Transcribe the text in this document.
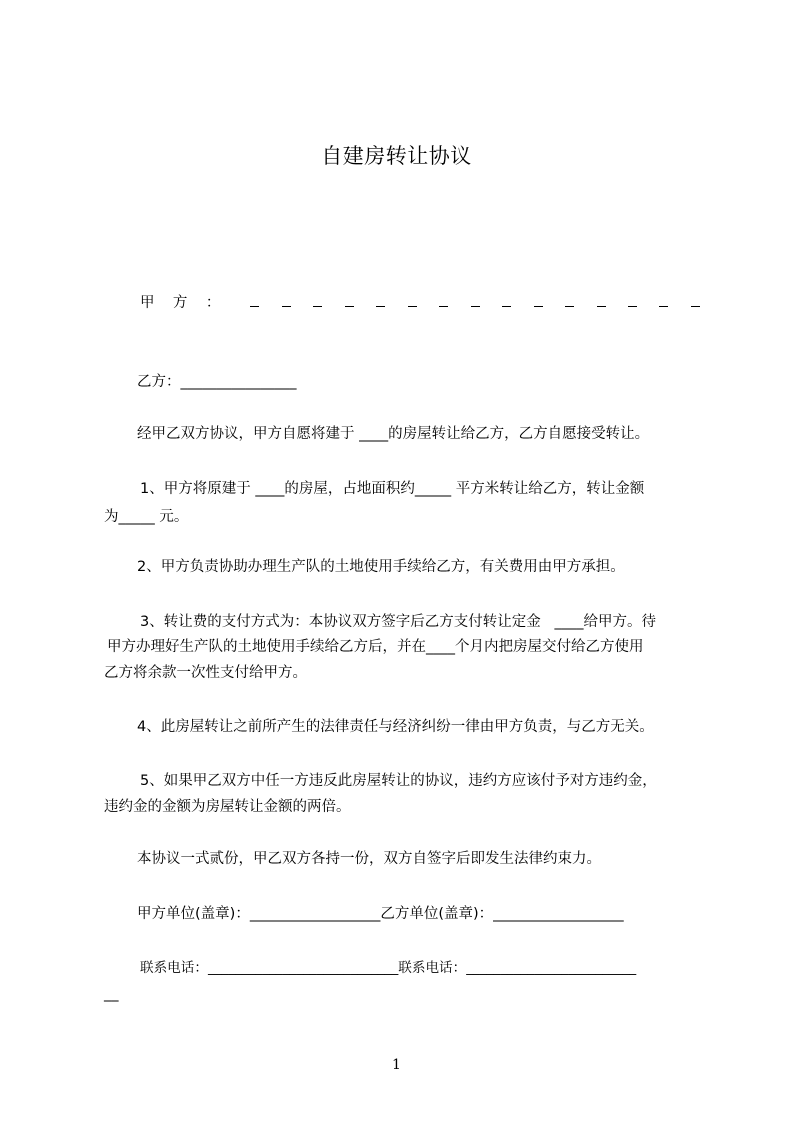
自建房转让协议
甲    方    ：
乙方：________________
经甲乙双方协议，甲方自愿将建于 ____的房屋转让给乙方，乙方自愿接受转让。
1、甲方将原建于 ____的房屋，占地面积约_____ 平方米转让给乙方，转让金额
为_____ 元。
2、甲方负责协助办理生产队的土地使用手续给乙方，有关费用由甲方承担。
3、转让费的支付方式为：本协议双方签字后乙方支付转让定金   ____给甲方。待
甲方办理好生产队的土地使用手续给乙方后，并在____个月内把房屋交付给乙方使用
乙方将余款一次性支付给甲方。
4、此房屋转让之前所产生的法律责任与经济纠纷一律由甲方负责，与乙方无关。
5、如果甲乙双方中任一方违反此房屋转让的协议，违约方应该付予对方违约金，
违约金的金额为房屋转让金额的两倍。
本协议一式贰份，甲乙双方各持一份，双方自签字后即发生法律约束力。
甲方单位(盖章)：__________________乙方单位(盖章)：__________________
联系电话：____________________________联系电话：_________________________
__
1
